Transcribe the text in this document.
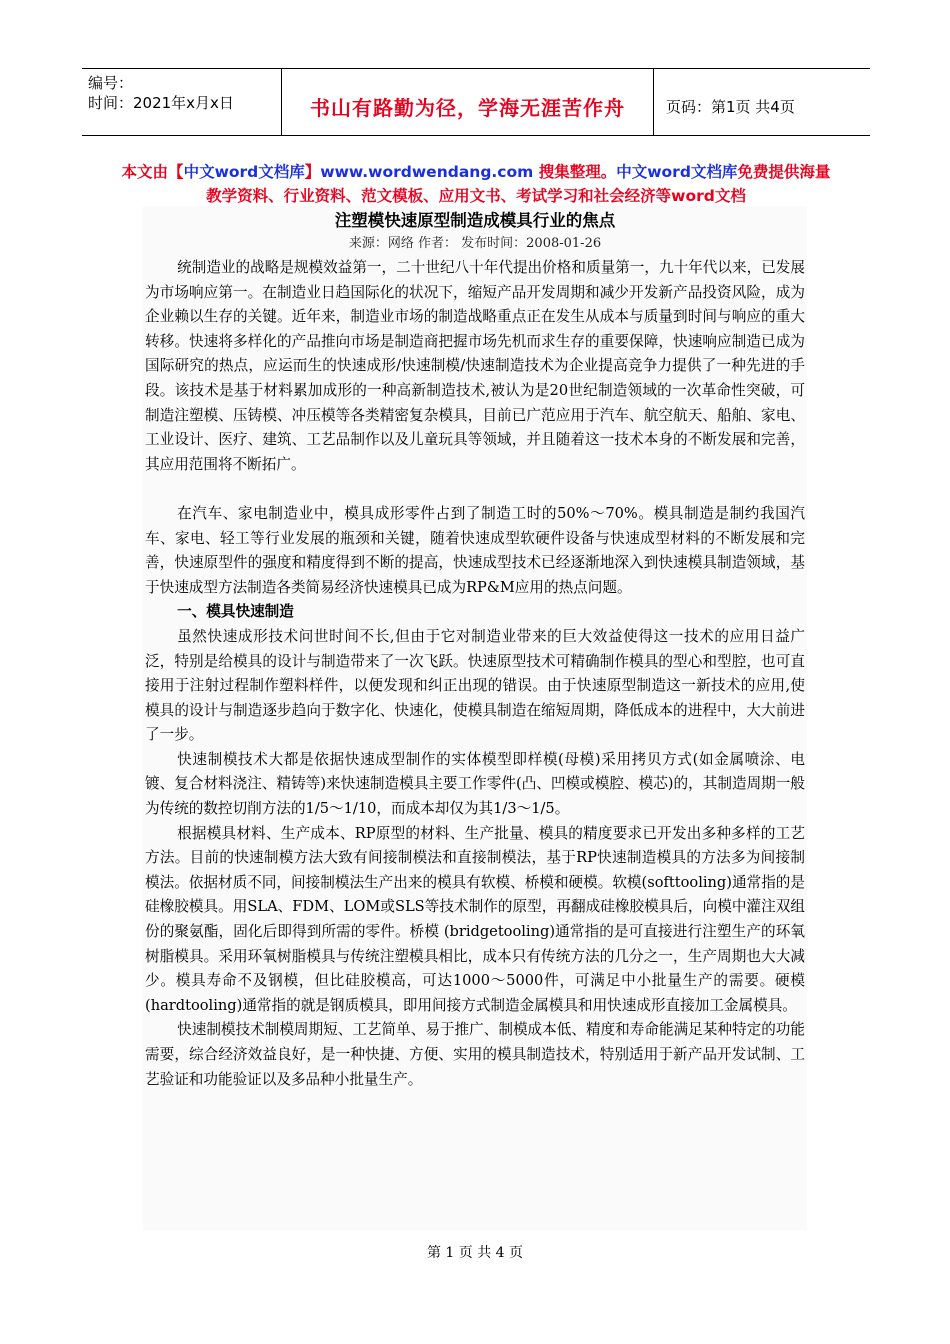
编号：
时间：2021年x月x日	书山有路勤为径，学海无涯苦作舟	页码：第1页 共4页
本文由【中文word文档库】www.wordwendang.com 搜集整理。中文word文档库免费提供海量教学资料、行业资料、范文模板、应用文书、考试学习和社会经济等word文档
注塑模快速原型制造成模具行业的焦点
来源：网络 作者： 发布时间：2008-01-26

统制造业的战略是规模效益第一，二十世纪八十年代提出价格和质量第一，九十年代以来，已发展为市场响应第一。在制造业日趋国际化的状况下，缩短产品开发周期和减少开发新产品投资风险，成为企业赖以生存的关键。近年来，制造业市场的制造战略重点正在发生从成本与质量到时间与响应的重大转移。快速将多样化的产品推向市场是制造商把握市场先机而求生存的重要保障，快速响应制造已成为国际研究的热点，应运而生的快速成形/快速制模/快速制造技术为企业提高竞争力提供了一种先进的手段。该技术是基于材料累加成形的一种高新制造技术,被认为是20世纪制造领域的一次革命性突破，可制造注塑模、压铸模、冲压模等各类精密复杂模具，目前已广范应用于汽车、航空航天、船舶、家电、工业设计、医疗、建筑、工艺品制作以及儿童玩具等领域，并且随着这一技术本身的不断发展和完善，其应用范围将不断拓广。

在汽车、家电制造业中，模具成形零件占到了制造工时的50%～70%。模具制造是制约我国汽车、家电、轻工等行业发展的瓶颈和关键，随着快速成型软硬件设备与快速成型材料的不断发展和完善，快速原型件的强度和精度得到不断的提高，快速成型技术已经逐渐地深入到快速模具制造领域，基于快速成型方法制造各类简易经济快速模具已成为RP&M应用的热点问题。

一、模具快速制造

虽然快速成形技术问世时间不长,但由于它对制造业带来的巨大效益使得这一技术的应用日益广泛，特别是给模具的设计与制造带来了一次飞跃。快速原型技术可精确制作模具的型心和型腔，也可直接用于注射过程制作塑料样件，以便发现和纠正出现的错误。由于快速原型制造这一新技术的应用,使模具的设计与制造逐步趋向于数字化、快速化，使模具制造在缩短周期，降低成本的进程中，大大前进了一步。

快速制模技术大都是依据快速成型制作的实体模型即样模(母模)采用拷贝方式(如金属喷涂、电镀、复合材料浇注、精铸等)来快速制造模具主要工作零件(凸、凹模或模腔、模芯)的，其制造周期一般为传统的数控切削方法的1/5～1/10，而成本却仅为其1/3～1/5。

根据模具材料、生产成本、RP原型的材料、生产批量、模具的精度要求已开发出多种多样的工艺方法。目前的快速制模方法大致有间接制模法和直接制模法，基于RP快速制造模具的方法多为间接制模法。依据材质不同，间接制模法生产出来的模具有软模、桥模和硬模。软模(softtooling)通常指的是硅橡胶模具。用SLA、FDM、LOM或SLS等技术制作的原型，再翻成硅橡胶模具后，向模中灌注双组份的聚氨酯，固化后即得到所需的零件。桥模 (bridgetooling)通常指的是可直接进行注塑生产的环氧树脂模具。采用环氧树脂模具与传统注塑模具相比，成本只有传统方法的几分之一，生产周期也大大减少。模具寿命不及钢模，但比硅胶模高，可达1000～5000件，可满足中小批量生产的需要。硬模(hardtooling)通常指的就是钢质模具，即用间接方式制造金属模具和用快速成形直接加工金属模具。

快速制模技术制模周期短、工艺简单、易于推广、制模成本低、精度和寿命能满足某种特定的功能需要，综合经济效益良好，是一种快捷、方便、实用的模具制造技术，特别适用于新产品开发试制、工艺验证和功能验证以及多品种小批量生产。

第 1 页 共 4 页
